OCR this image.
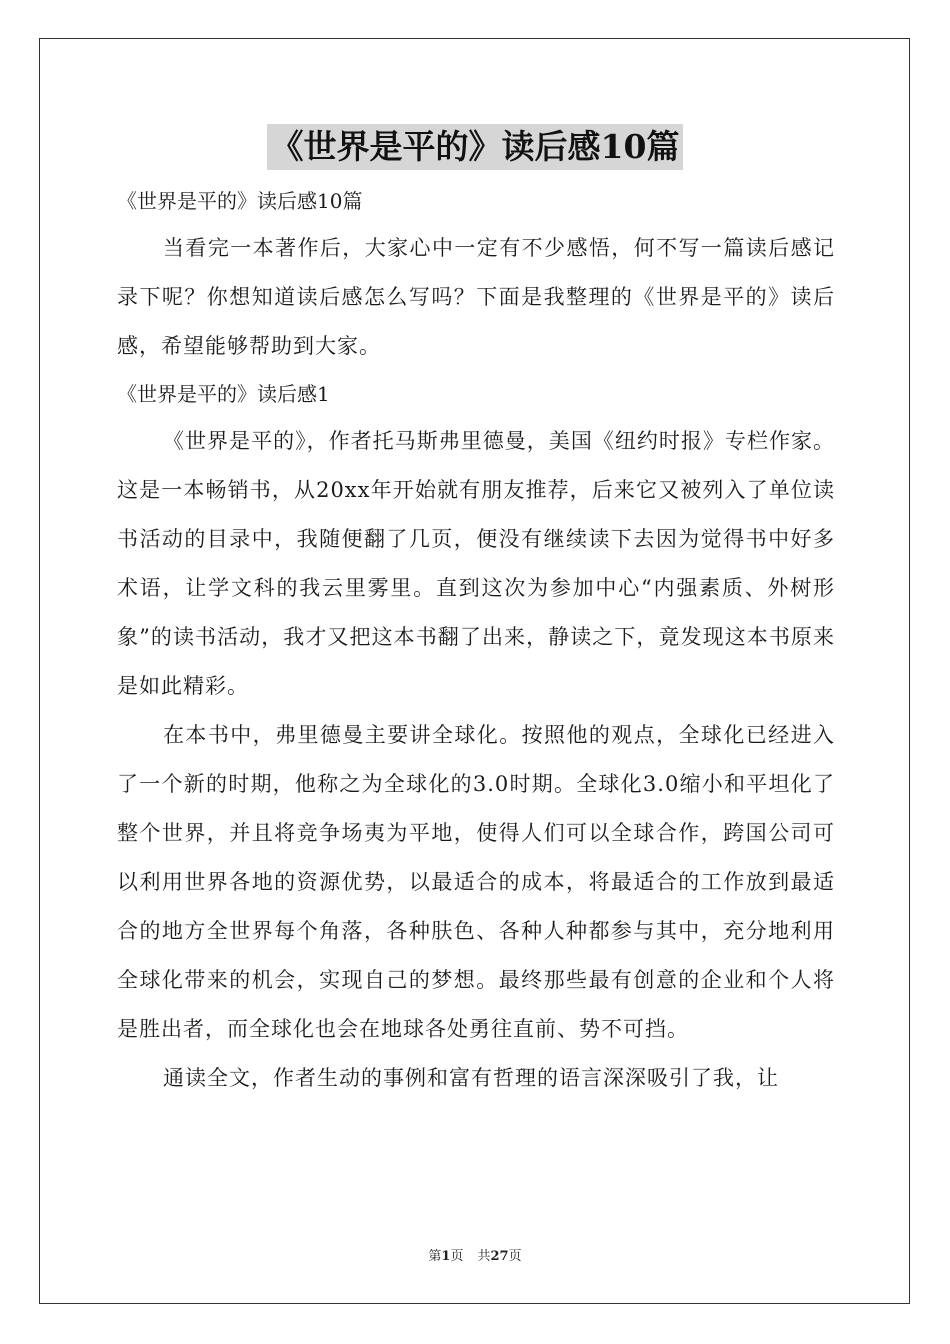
《世界是平的》读后感10篇

《世界是平的》读后感10篇

当看完一本著作后，大家心中一定有不少感悟，何不写一篇读后感记录下呢？你想知道读后感怎么写吗？下面是我整理的《世界是平的》读后感，希望能够帮助到大家。

《世界是平的》读后感1

《世界是平的》，作者托马斯弗里德曼，美国《纽约时报》专栏作家。这是一本畅销书，从20xx年开始就有朋友推荐，后来它又被列入了单位读书活动的目录中，我随便翻了几页，便没有继续读下去因为觉得书中好多术语，让学文科的我云里雾里。直到这次为参加中心“内强素质、外树形象”的读书活动，我才又把这本书翻了出来，静读之下，竟发现这本书原来是如此精彩。

在本书中，弗里德曼主要讲全球化。按照他的观点，全球化已经进入了一个新的时期，他称之为全球化的3.0时期。全球化3.0缩小和平坦化了整个世界，并且将竞争场夷为平地，使得人们可以全球合作，跨国公司可以利用世界各地的资源优势，以最适合的成本，将最适合的工作放到最适合的地方全世界每个角落，各种肤色、各种人种都参与其中，充分地利用全球化带来的机会，实现自己的梦想。最终那些最有创意的企业和个人将是胜出者，而全球化也会在地球各处勇往直前、势不可挡。

通读全文，作者生动的事例和富有哲理的语言深深吸引了我，让

第1页 共27页
